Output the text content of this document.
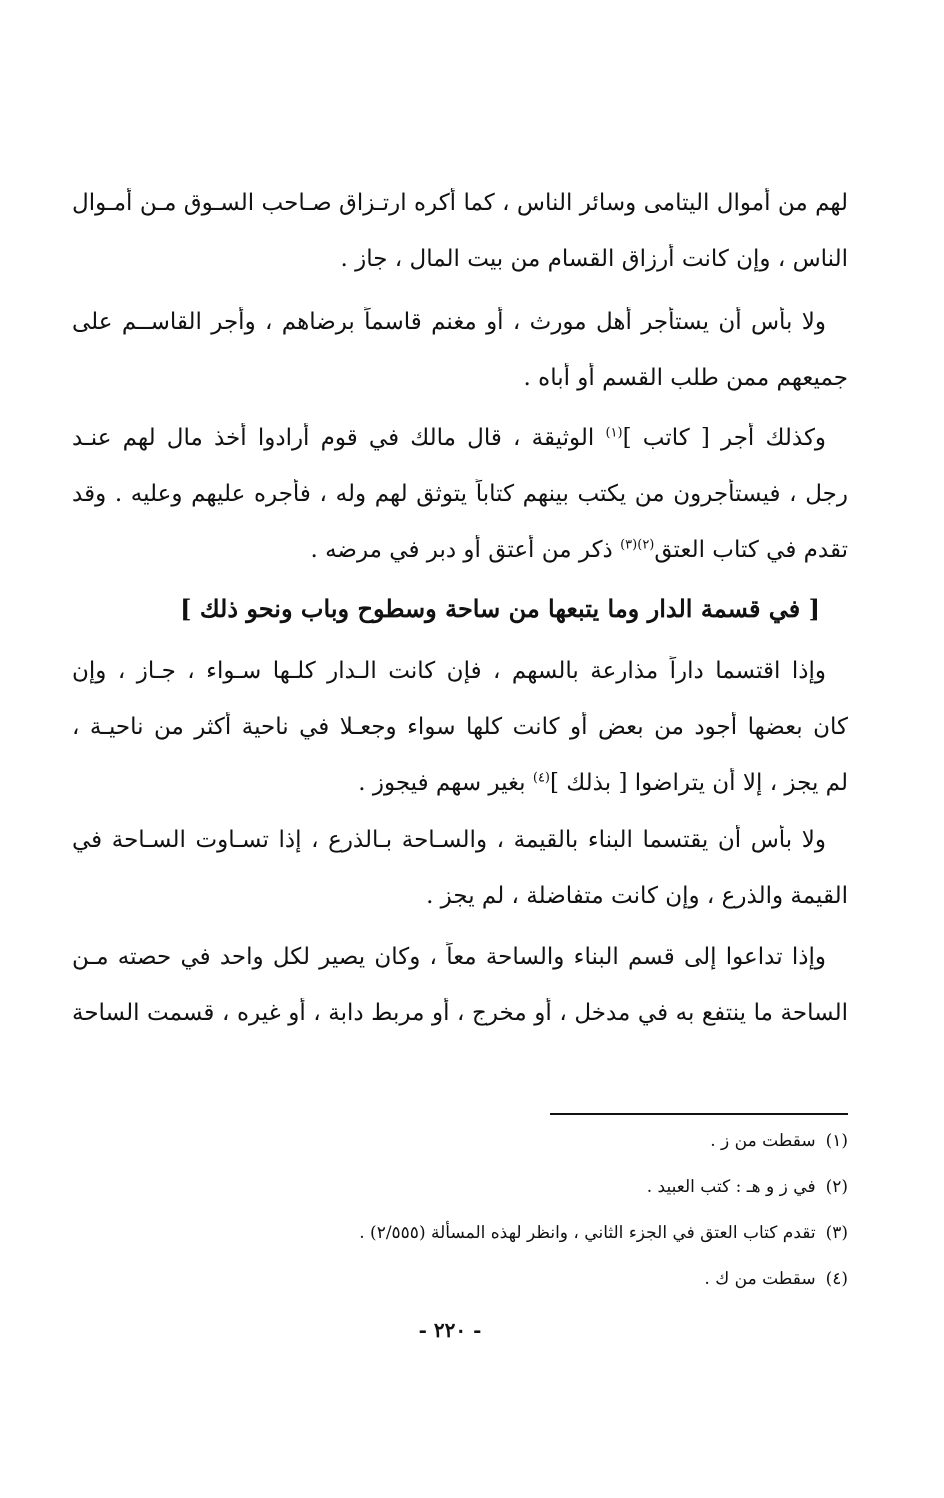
لهم من أموال اليتامى وسائر الناس ، كما أكره ارتـزاق صـاحب السـوق مـن أمـوال
الناس ، وإن كانت أرزاق القسام من بيت المال ، جاز .
ولا بأس أن يستأجر أهل مورث ، أو مغنم قاسماً برضاهم ، وأجر القاســم على
جميعهم ممن طلب القسم أو أباه .
وكذلك أجر [ كاتب ]$^{(١)}$ الوثيقة ، قال مالك في قوم أرادوا أخذ مال لهم عنـد
رجل ، فيستأجرون من يكتب بينهم كتاباً يتوثق لهم وله ، فأجره عليهم وعليه . وقد
تقدم في كتاب العتق$^{(٢)(٣)}$ ذكر من أعتق أو دبر في مرضه .
[ في قسمة الدار وما يتبعها من ساحة وسطوح وباب ونحو ذلك ]
وإذا اقتسما داراً مذارعة بالسهم ، فإن كانت الـدار كلـها سـواء ، جـاز ، وإن
كان بعضها أجود من بعض أو كانت كلها سواء وجعـلا في ناحية أكثر من ناحيـة ،
لم يجز ، إلا أن يتراضوا [ بذلك ]$^{(٤)}$ بغير سهم فيجوز .
ولا بأس أن يقتسما البناء بالقيمة ، والسـاحة بـالذرع ، إذا تسـاوت السـاحة في
القيمة والذرع ، وإن كانت متفاضلة ، لم يجز .
وإذا تداعوا إلى قسم البناء والساحة معاً ، وكان يصير لكل واحد في حصته مـن
الساحة ما ينتفع به في مدخل ، أو مخرج ، أو مربط دابة ، أو غيره ، قسمت الساحة
(١)سقطت من ز .
(٢)في ز و هـ : كتب العبيد .
(٣)تقدم كتاب العتق في الجزء الثاني ، وانظر لهذه المسألة (٢/٥٥٥) .
(٤)سقطت من ك .
- ٢٢٠ -
